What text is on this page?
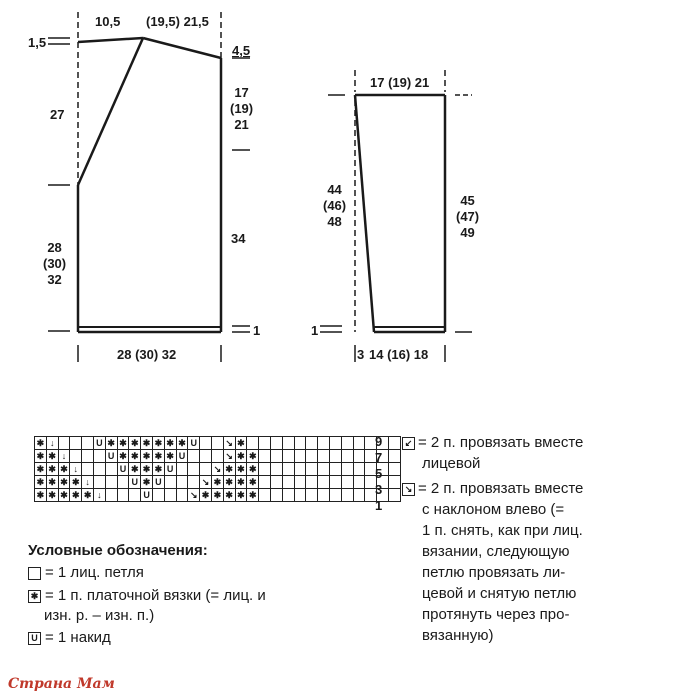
10,5 (19,5) 21,5
1,5
4,5
27
17
(19)
21
28
(30)
32
34
1
28 (30) 32
17 (19) 21
44
(46)
48
45
(47)
49
1
3 14 (16) 18
✱	↓				U	✱	✱	✱	✱	✱	✱	✱	U			↘	✱													
✱	✱	↓				U	✱	✱	✱	✱	✱	U				↘	✱	✱												
✱	✱	✱	↓				U	✱	✱	✱	U				↘	✱	✱	✱												
✱	✱	✱	✱	↓				U	✱	U				↘	✱	✱	✱	✱												
✱	✱	✱	✱	✱	↓				U				↘	✱	✱	✱	✱	✱												
9
7
5
3
1
Условные обозначения:
= 1 лиц. петля
✱ = 1 п. платочной вязки (= лиц. и
изн. р. – изн. п.)
U = 1 накид
↙ = 2 п. провязать вместе
лицевой
↘ = 2 п. провязать вместе
с наклоном влево (=
1 п. снять, как при лиц.
вязании, следующую
петлю провязать ли-
цевой и снятую петлю
протянуть через про-
вязанную)
Страна Мам
